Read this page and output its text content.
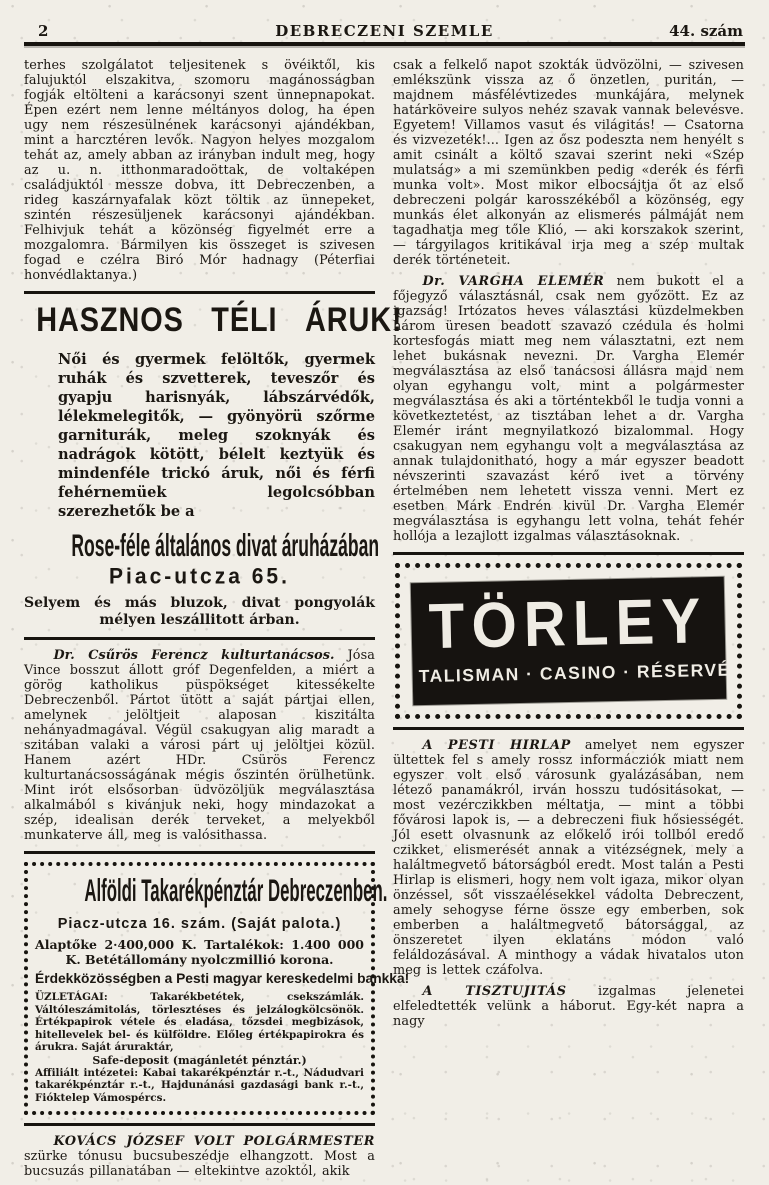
2	DEBRECZENI SZEMLE	44. szám

terhes szolgálatot teljesitenek s övéiktől, kis falujuktól elszakitva, szomoru magánosságban fogják eltölteni a karácsonyi szent ünnepnapokat. Épen ezért nem lenne méltányos dolog, ha épen ugy nem részesülnének karácsonyi ajándékban, mint a harcztéren levők. Nagyon helyes mozgalom tehát az, amely abban az irányban indult meg, hogy az u. n. itthonmaradoöttak, de voltaképen családjuktól messze dobva, itt Debreczenben, a rideg kaszárnyafalak közt töltik az ünnepeket, szintén részesüljenek karácsonyi ajándékban. Felhivjuk tehát a közönség figyelmét erre a mozgalomra. Bármilyen kis összeget is szivesen fogad e czélra Biró Mór hadnagy (Péterfiai honvédlaktanya.)

HASZNOS TÉLI ÁRUK!

Női és gyermek felöltők, gyermek ruhák és szvetterek, teveszőr és gyapju harisnyák, lábszárvédők, lélekmelegitők, — gyönyörü szőrme garniturák, meleg szoknyák és nadrágok kötött, bélelt keztyük és mindenféle trickó áruk, női és férfi fehérnemüek legolcsóbban szerezhetők be a

Rose-féle általános divat áruházában
Piac-utcza 65.

Selyem és más bluzok, divat pongyolák mélyen leszállitott árban.

Dr. Csűrös Ferencz kulturtanácsos. Jósa Vince bosszut állott gróf Degenfelden, a miért a görög katholikus püspökséget kitessékelte Debreczenből. Pártot ütött a saját pártjai ellen, amelynek jelöltjeit alaposan kiszitálta nehányadmagával. Végül csakugyan alig maradt a szitában valaki a városi párt uj jelöltjei közül. Hanem azért HDr. Csürös Ferencz kulturtanácsosságának mégis őszintén örülhetünk. Mint irót elsősorban üdvözöljük megválasztása alkalmából s kivánjuk neki, hogy mindazokat a szép, idealisan derék terveket, a melyekből munkaterve áll, meg is valósithassa.

Alföldi Takarékpénztár Debreczenben.
Piacz-utcza 16. szám. (Saját palota.)

Alaptőke 2·400,000 K. Tartalékok: 1.400 000 K. Betétállomány nyolczmillió korona.

Érdekközösségben a Pesti magyar kereskedelmi bankka!

ÜZLETÁGAI:	Takarékbetétek, csekszámlák. Váltóleszámitolás, törlesztéses és jelzálogkölcsönök. Értékpapirok vétele és eladása, tőzsdei megbizások, hitellevelek bel- és külföldre. Előleg értékpapirokra és árukra. Saját áruraktár,

Safe-deposit (magánletét pénztár.)

Affiliált intézetei: Kabai takarékpénztár r.-t., Nádudvari takarékpénztár r.-t., Hajdunánási gazdasági bank r.-t., Fióktelep Vámospércs.

KOVÁCS JÓZSEF VOLT POLGÁRMESTER szürke tónusu bucsubeszédje elhangzott. Most a bucsuzás pillanatában — eltekintve azoktól, akik

csak a felkelő napot szokták üdvözölni, — szivesen emlékszünk vissza az ő önzetlen, puritán, — majdnem másfélévtizedes munkájára, melynek határköveire sulyos nehéz szavak vannak belevésve. Egyetem! Villamos vasut és világitás! — Csatorna és vizvezeték!... Igen az ősz podeszta nem henyélt s amit csinált a költő szavai szerint neki «Szép mulatság» a mi szemünkben pedig «derék és férfi munka volt». Most mikor elbocsájtja őt az első debreczeni polgár karosszékéből a közönség, egy munkás élet alkonyán az elismerés pálmáját nem tagadhatja meg tőle Klió, — aki korszakok szerint, — tárgyilagos kritikával irja meg a szép multak derék történeteit.

Dr. VARGHA ELEMÉR nem bukott el a főjegyző választásnál, csak nem győzött. Ez az igazság! Irtózatos heves választási küzdelmekben három üresen beadott szavazó czédula és holmi kortesfogás miatt meg nem választatni, ezt nem lehet bukásnak nevezni. Dr. Vargha Elemér megválasztása az első tanácsosi állásra majd nem olyan egyhangu volt, mint a polgármester megválasztása és aki a történtekből le tudja vonni a következtetést, az tisztában lehet a dr. Vargha Elemér iránt megnyilatkozó bizalommal. Hogy csakugyan nem egyhangu volt a megválasztása az annak tulajdonitható, hogy a már egyszer beadott névszerinti szavazást kérő ivet a törvény értelmében nem lehetett vissza venni. Mert ez esetben Márk Endrén kivül Dr. Vargha Elemér megválasztása is egyhangu lett volna, tehát fehér hollója a lezajlott izgalmas választásoknak.

TÖRLEY
TALISMAN · CASINO · RÉSERVÉ

A PESTI HIRLAP amelyet nem egyszer ültettek fel s amely rossz informácziók miatt nem egyszer volt első városunk gyalázásában, nem létező panamákról, irván hosszu tudósitásokat, — most vezérczikkben méltatja, — mint a többi fővárosi lapok is, — a debreczeni fiuk hősiességét. Jól esett olvasnunk az előkelő irói tollból eredő czikket, elismerését annak a vitézségnek, mely a haláltmegvető bátorságból eredt. Most talán a Pesti Hirlap is elismeri, hogy nem volt igaza, mikor olyan önzéssel, sőt visszaélésekkel vádolta Debreczent, amely sehogyse férne össze egy emberben, sok emberben a haláltmegvető bátorsággal, az önszeretet ilyen eklatáns módon való feláldozásával. A minthogy a vádak hivatalos uton meg is lettek czáfolva.

A TISZTUJITÁS izgalmas jelenetei elfeledtették velünk a háborut. Egy-két napra a nagy
